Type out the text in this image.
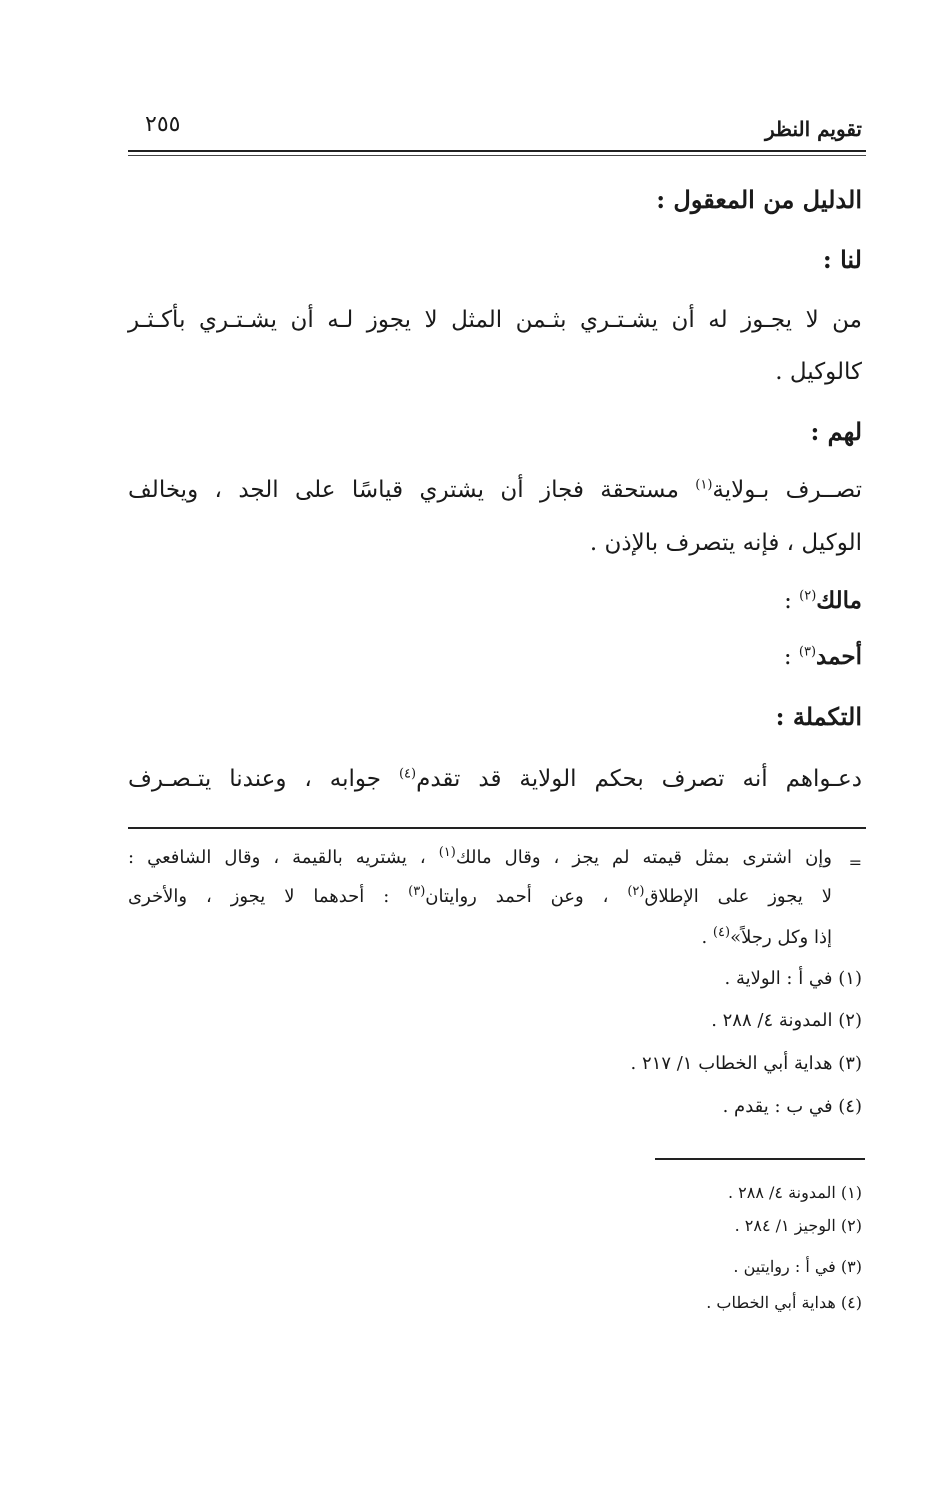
تقويم النظر
٢٥٥
الدليل من المعقول :
لنا :
من لا يجـوز له أن يشـتـري بثـمن المثل لا يجوز لـه أن يشـتـري بأكـثـر
كالوكيل .
لهم :
تصــرف بـولاية$^{(١)}$ مستحقة فجاز أن يشتري قياسًا على الجد ، ويخالف
الوكيل ، فإنه يتصرف بالإذن .
مالك$^{(٢)}$ :
أحمد$^{(٣)}$ :
التكملة :
دعـواهم أنه تصرف بحكم الولاية قد تقدم$^{(٤)}$ جوابه ، وعندنا يتـصـرف
=
وإن اشترى بمثل قيمته لم يجز ، وقال مالك$^{(١)}$ ، يشتريه بالقيمة ، وقال الشافعي :
لا يجوز على الإطلاق$^{(٢)}$ ، وعن أحمد روايتان$^{(٣)}$ : أحدهما لا يجوز ، والأخرى
إذا وكل رجلاً»$^{(٤)}$ .
(١) في أ : الولاية .
(٢) المدونة ٤/ ٢٨٨ .
(٣) هداية أبي الخطاب ١/ ٢١٧ .
(٤) في ب : يقدم .
(١) المدونة ٤/ ٢٨٨ .
(٢) الوجيز ١/ ٢٨٤ .
(٣) في أ : روايتين .
(٤) هداية أبي الخطاب .
